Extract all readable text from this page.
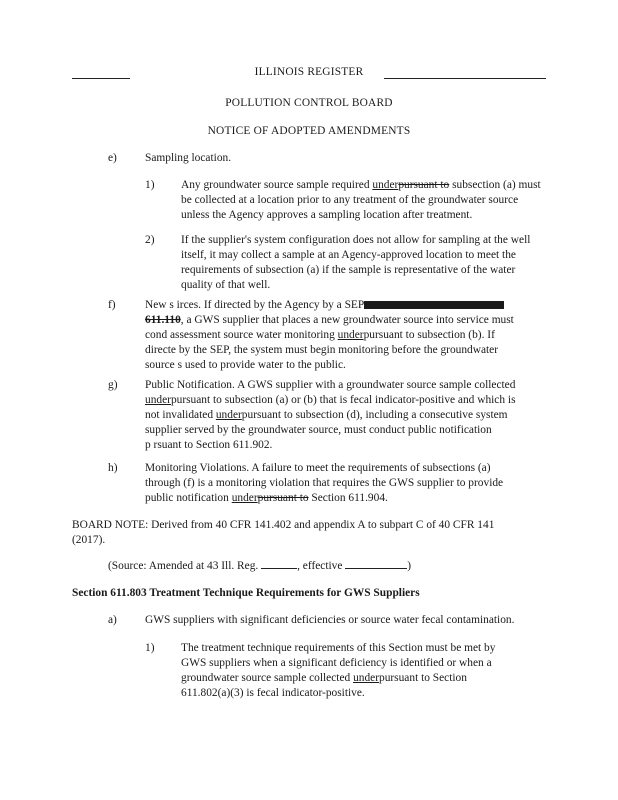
ILLINOIS REGISTER
POLLUTION CONTROL BOARD
NOTICE OF ADOPTED AMENDMENTS
e) Sampling location.
1) Any groundwater source sample required underpursuant to subsection (a) must be collected at a location prior to any treatment of the groundwater source unless the Agency approves a sampling location after treatment.
2) If the supplier's system configuration does not allow for sampling at the well itself, it may collect a sample at an Agency-approved location to meet the requirements of subsection (a) if the sample is representative of the water quality of that well.
f)	New s irces. If directed by the Agency by a SEP

611.110, a GWS supplier that places a new groundwater source into service must

cond assessment source water monitoring underpursuant to subsection (b). If

directe by the SEP, the system must begin monitoring before the groundwater

source s used to provide water to the public.

g) Public Notification. A GWS supplier with a groundwater source sample collected

underpursuant to subsection (a) or (b) that is fecal indicator-positive and which is

not invalidated underpursuant to subsection (d), including a consecutive system

supplier served by the groundwater source, must conduct public notification

p rsuant to Section 611.902.

h) Monitoring Violations. A failure to meet the requirements of subsections (a)

through (f) is a monitoring violation that requires the GWS supplier to provide

public notification underpursuant to Section 611.904.

BOARD NOTE: Derived from 40 CFR 141.402 and appendix A to subpart C of 40 CFR 141

(2017).

(Source: Amended at 43 Ill. Reg.	, effective	)
Section 611.803 Treatment Technique Requirements for GWS Suppliers
a) GWS suppliers with significant deficiencies or source water fecal contamination.
1) The treatment technique requirements of this Section must be met by

GWS suppliers when a significant deficiency is identified or when a

groundwater source sample collected underpursuant to Section

611.802(a)(3) is fecal indicator-positive.
